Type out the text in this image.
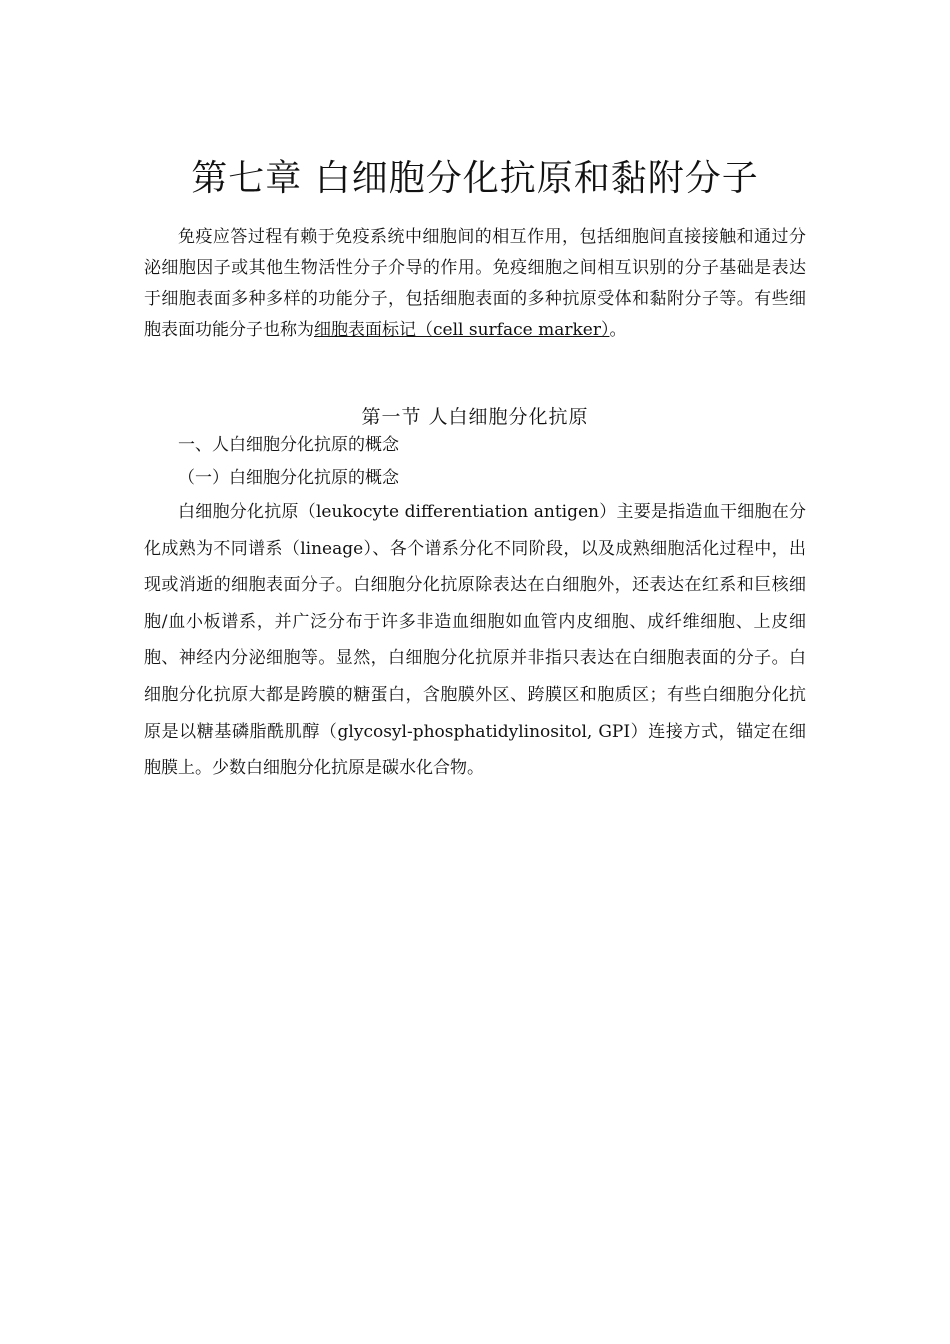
第七章 白细胞分化抗原和黏附分子

免疫应答过程有赖于免疫系统中细胞间的相互作用，包括细胞间直接接触和通过分泌细胞因子或其他生物活性分子介导的作用。免疫细胞之间相互识别的分子基础是表达于细胞表面多种多样的功能分子，包括细胞表面的多种抗原受体和黏附分子等。有些细胞表面功能分子也称为细胞表面标记（cell surface marker）。

第一节 人白细胞分化抗原
一、人白细胞分化抗原的概念
（一）白细胞分化抗原的概念

白细胞分化抗原（leukocyte differentiation antigen）主要是指造血干细胞在分化成熟为不同谱系（lineage）、各个谱系分化不同阶段，以及成熟细胞活化过程中，出现或消逝的细胞表面分子。白细胞分化抗原除表达在白细胞外，还表达在红系和巨核细胞/血小板谱系，并广泛分布于许多非造血细胞如血管内皮细胞、成纤维细胞、上皮细胞、神经内分泌细胞等。显然，白细胞分化抗原并非指只表达在白细胞表面的分子。白细胞分化抗原大都是跨膜的糖蛋白，含胞膜外区、跨膜区和胞质区；有些白细胞分化抗原是以糖基磷脂酰肌醇（glycosyl-phosphatidylinositol, GPI）连接方式，锚定在细胞膜上。少数白细胞分化抗原是碳水化合物。
